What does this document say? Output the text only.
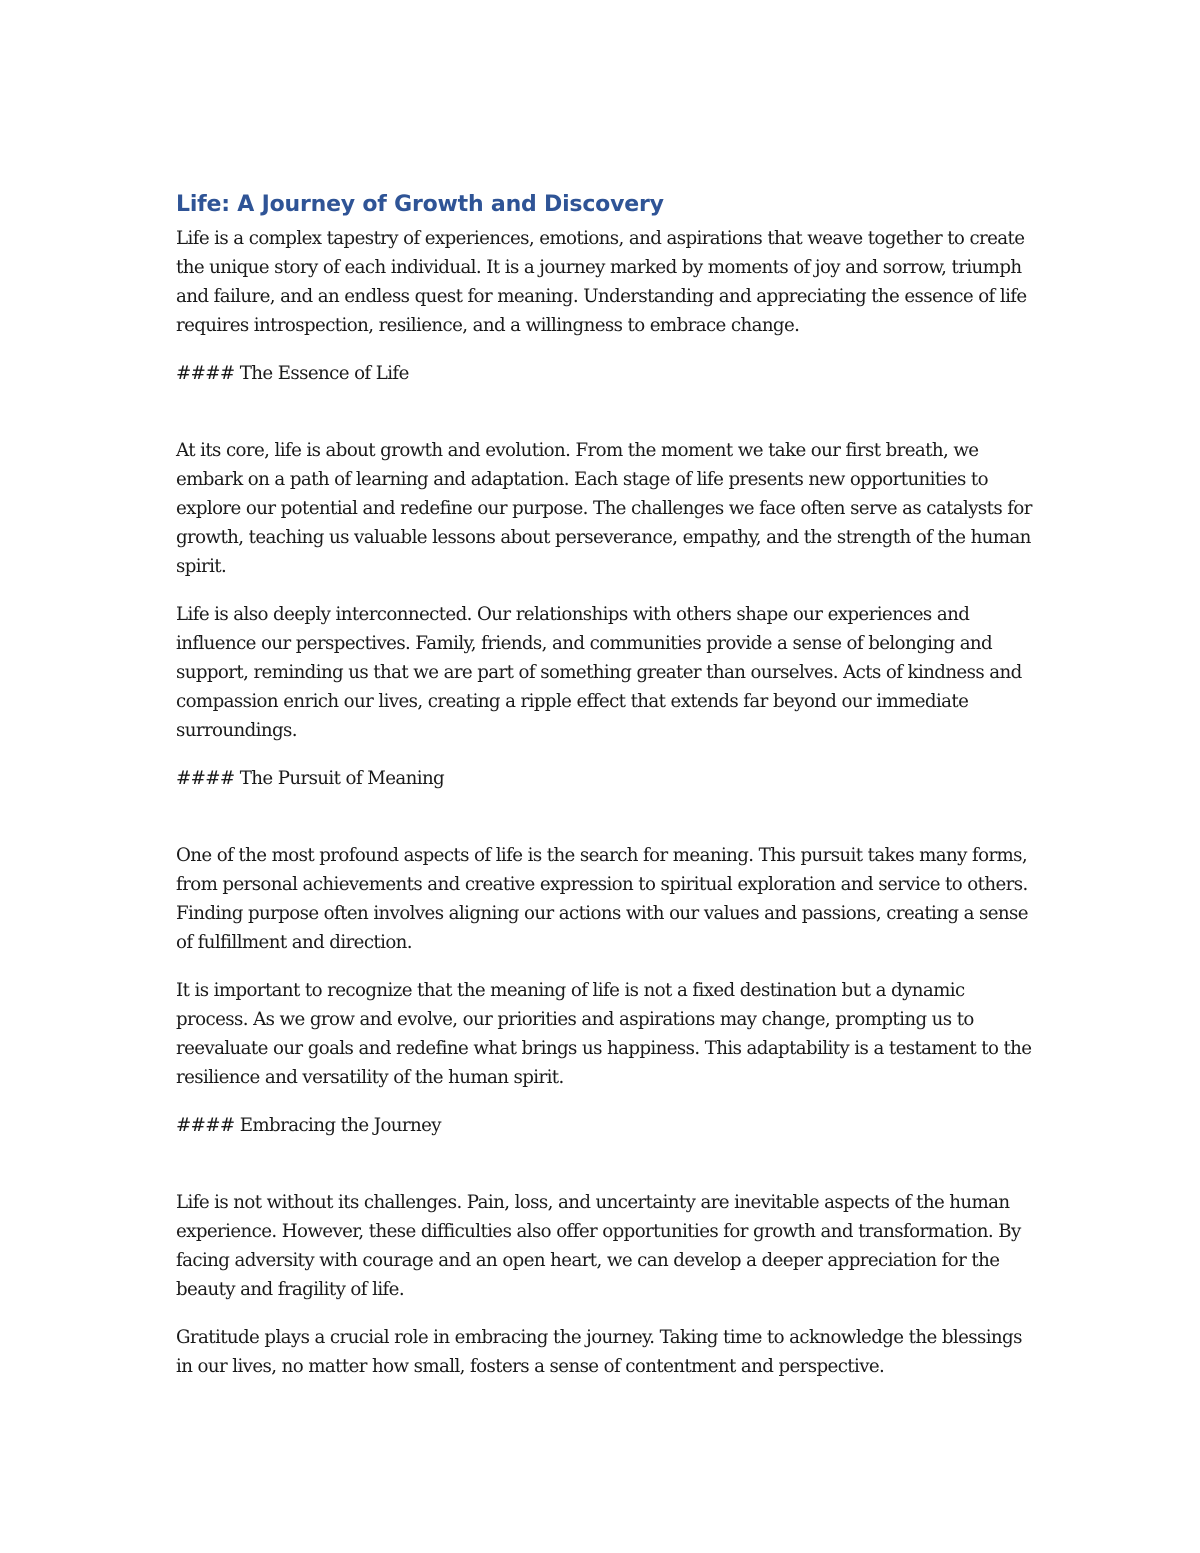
Life: A Journey of Growth and Discovery

Life is a complex tapestry of experiences, emotions, and aspirations that weave together to create the unique story of each individual. It is a journey marked by moments of joy and sorrow, triumph and failure, and an endless quest for meaning. Understanding and appreciating the essence of life requires introspection, resilience, and a willingness to embrace change.

#### The Essence of Life

At its core, life is about growth and evolution. From the moment we take our first breath, we embark on a path of learning and adaptation. Each stage of life presents new opportunities to explore our potential and redefine our purpose. The challenges we face often serve as catalysts for growth, teaching us valuable lessons about perseverance, empathy, and the strength of the human spirit.

Life is also deeply interconnected. Our relationships with others shape our experiences and influence our perspectives. Family, friends, and communities provide a sense of belonging and support, reminding us that we are part of something greater than ourselves. Acts of kindness and compassion enrich our lives, creating a ripple effect that extends far beyond our immediate surroundings.

#### The Pursuit of Meaning

One of the most profound aspects of life is the search for meaning. This pursuit takes many forms, from personal achievements and creative expression to spiritual exploration and service to others. Finding purpose often involves aligning our actions with our values and passions, creating a sense of fulfillment and direction.

It is important to recognize that the meaning of life is not a fixed destination but a dynamic process. As we grow and evolve, our priorities and aspirations may change, prompting us to reevaluate our goals and redefine what brings us happiness. This adaptability is a testament to the resilience and versatility of the human spirit.

#### Embracing the Journey

Life is not without its challenges. Pain, loss, and uncertainty are inevitable aspects of the human experience. However, these difficulties also offer opportunities for growth and transformation. By facing adversity with courage and an open heart, we can develop a deeper appreciation for the beauty and fragility of life.

Gratitude plays a crucial role in embracing the journey. Taking time to acknowledge the blessings in our lives, no matter how small, fosters a sense of contentment and perspective.
